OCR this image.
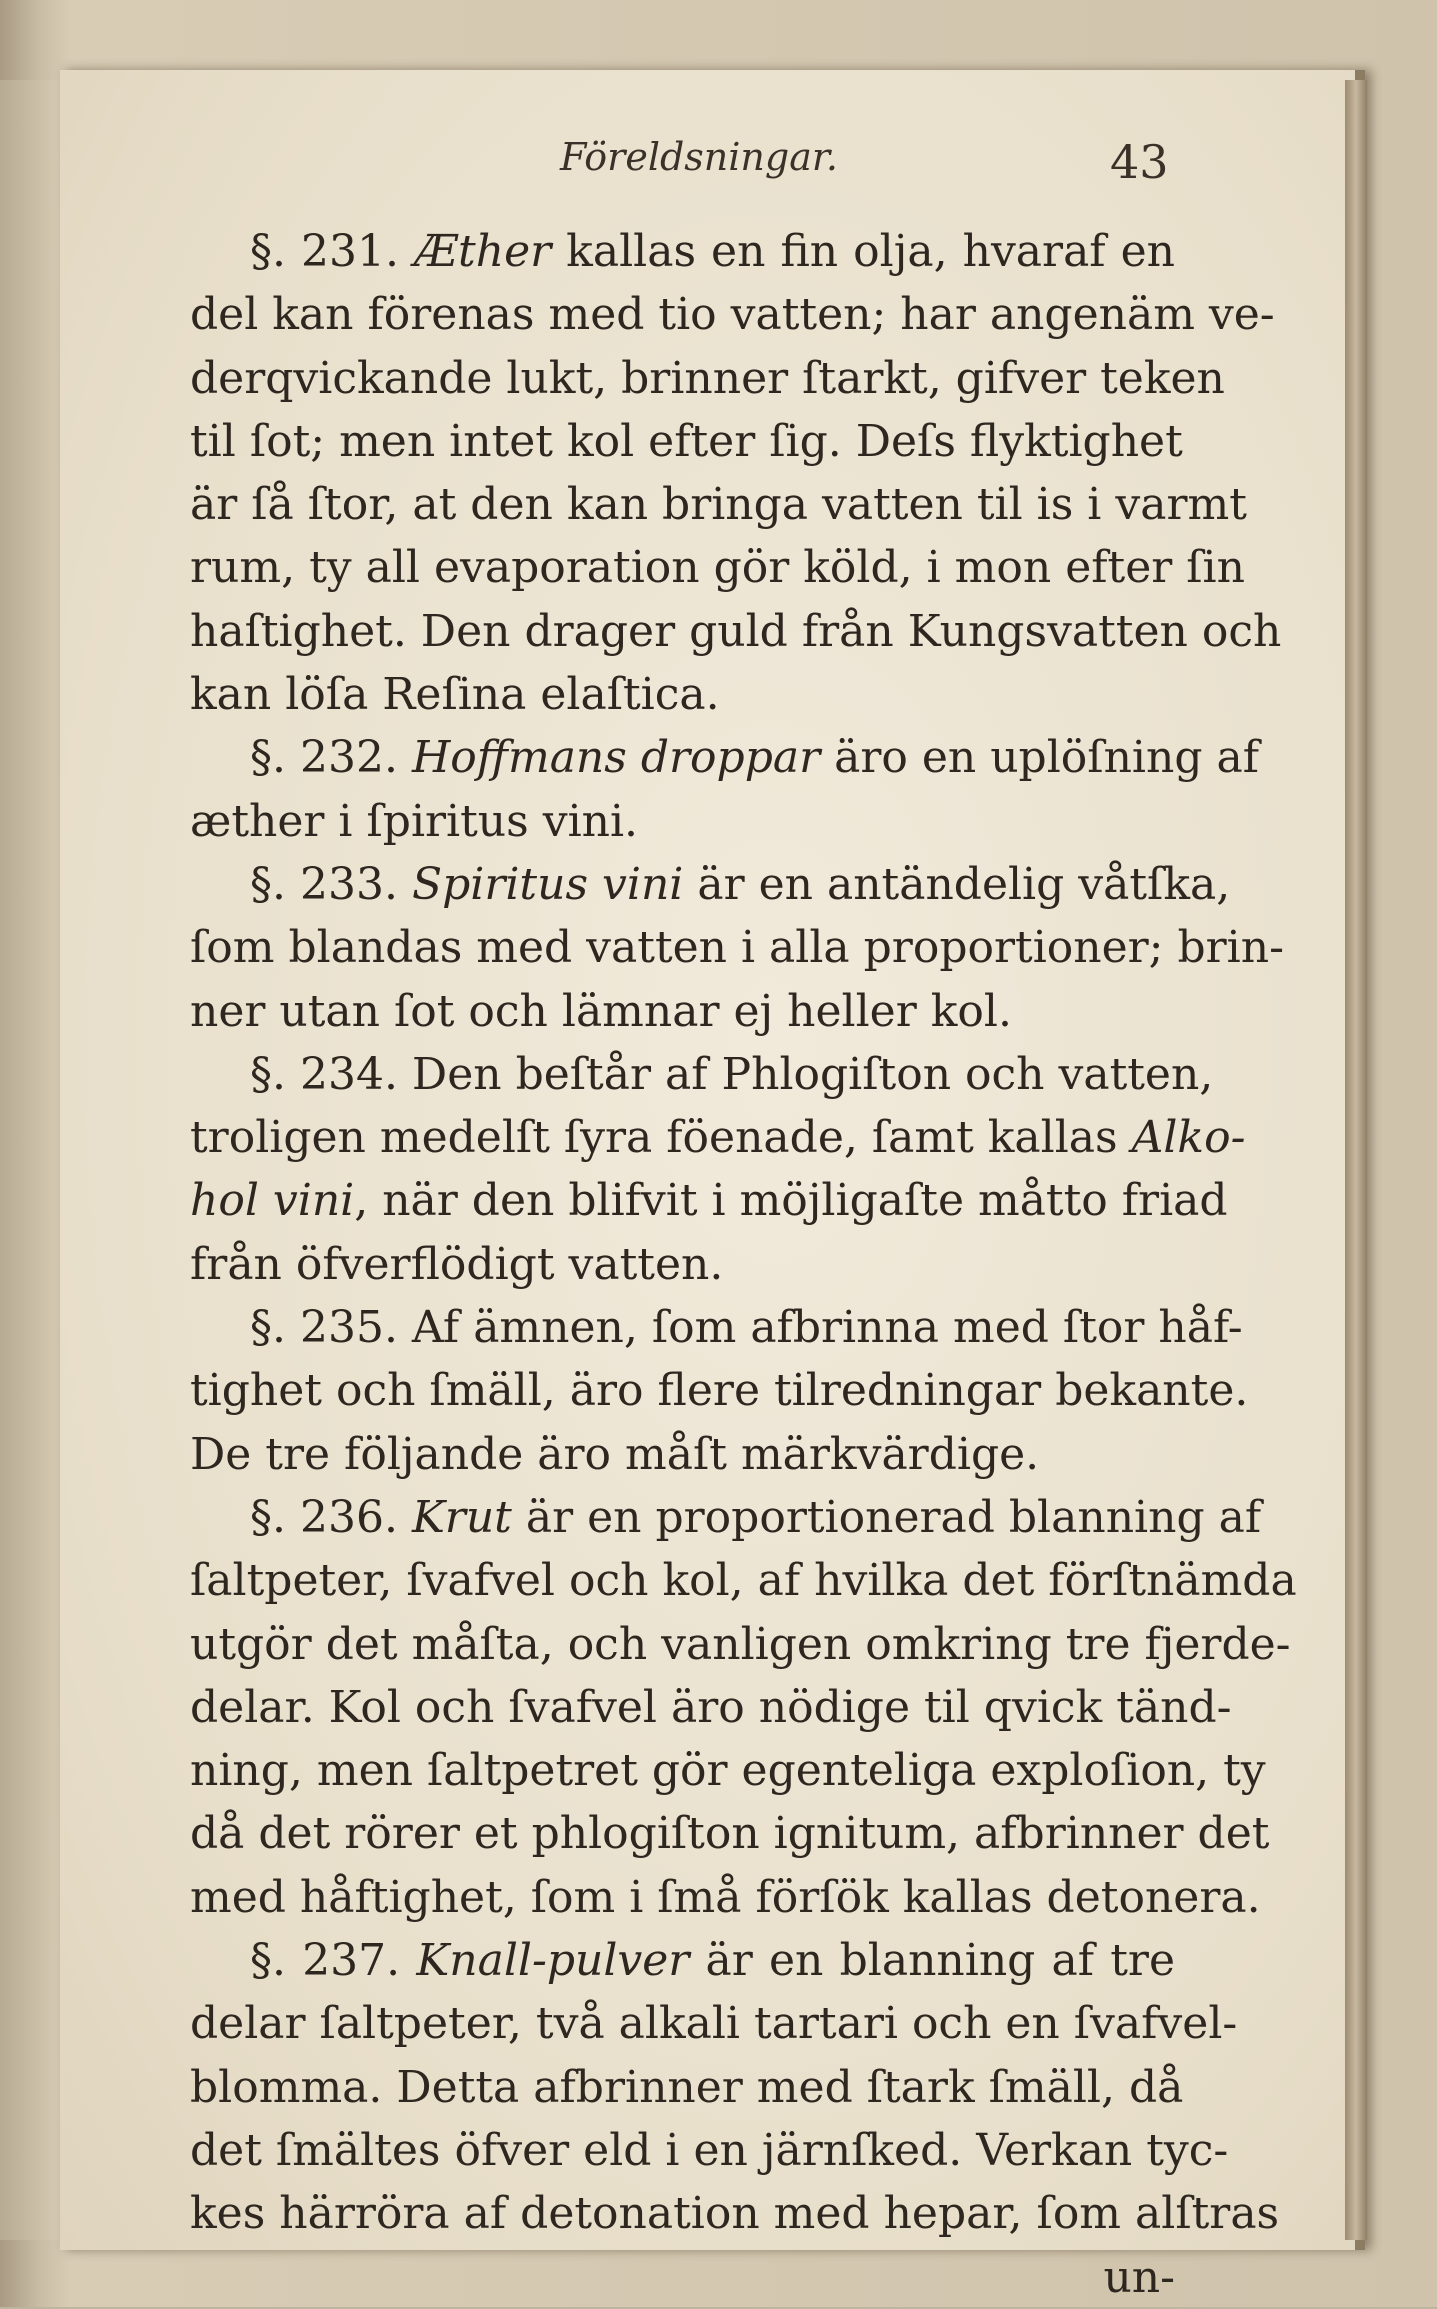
Föreldsningar.	43
§. 231. Æther kallas en fin olja, hvaraf en
del kan förenas med tio vatten; har angenäm ve-
derqvickande lukt, brinner ſtarkt, gifver teken
til ſot; men intet kol efter ſig. Deſs flyktighet
är ſå ſtor, at den kan bringa vatten til is i varmt
rum, ty all evaporation gör köld, i mon efter ſin
haſtighet. Den drager guld från Kungsvatten och
kan löſa Reſina elaſtica.
§. 232. Hoffmans droppar äro en uplöſning af
æther i ſpiritus vini.
§. 233. Spiritus vini är en antändelig våtſka,
ſom blandas med vatten i alla proportioner; brin-
ner utan ſot och lämnar ej heller kol.
§. 234. Den beſtår af Phlogiſton och vatten,
troligen medelſt ſyra föenade, ſamt kallas Alko-
hol vini, när den blifvit i möjligaſte måtto friad
från öfverflödigt vatten.
§. 235. Af ämnen, ſom afbrinna med ſtor håf-
tighet och ſmäll, äro flere tilredningar bekante.
De tre följande äro måſt märkvärdige.
§. 236. Krut är en proportionerad blanning af
ſaltpeter, ſvafvel och kol, af hvilka det förſtnämda
utgör det måſta, och vanligen omkring tre fjerde-
delar. Kol och ſvafvel äro nödige til qvick tänd-
ning, men ſaltpetret gör egenteliga exploſion, ty
då det rörer et phlogiſton ignitum, afbrinner det
med håftighet, ſom i ſmå förſök kallas detonera.
§. 237. Knall-pulver är en blanning af tre
delar ſaltpeter, två alkali tartari och en ſvafvel-
blomma. Detta afbrinner med ſtark ſmäll, då
det ſmältes öfver eld i en järnſked. Verkan tyc-
kes härröra af detonation med hepar, ſom alſtras
un-
